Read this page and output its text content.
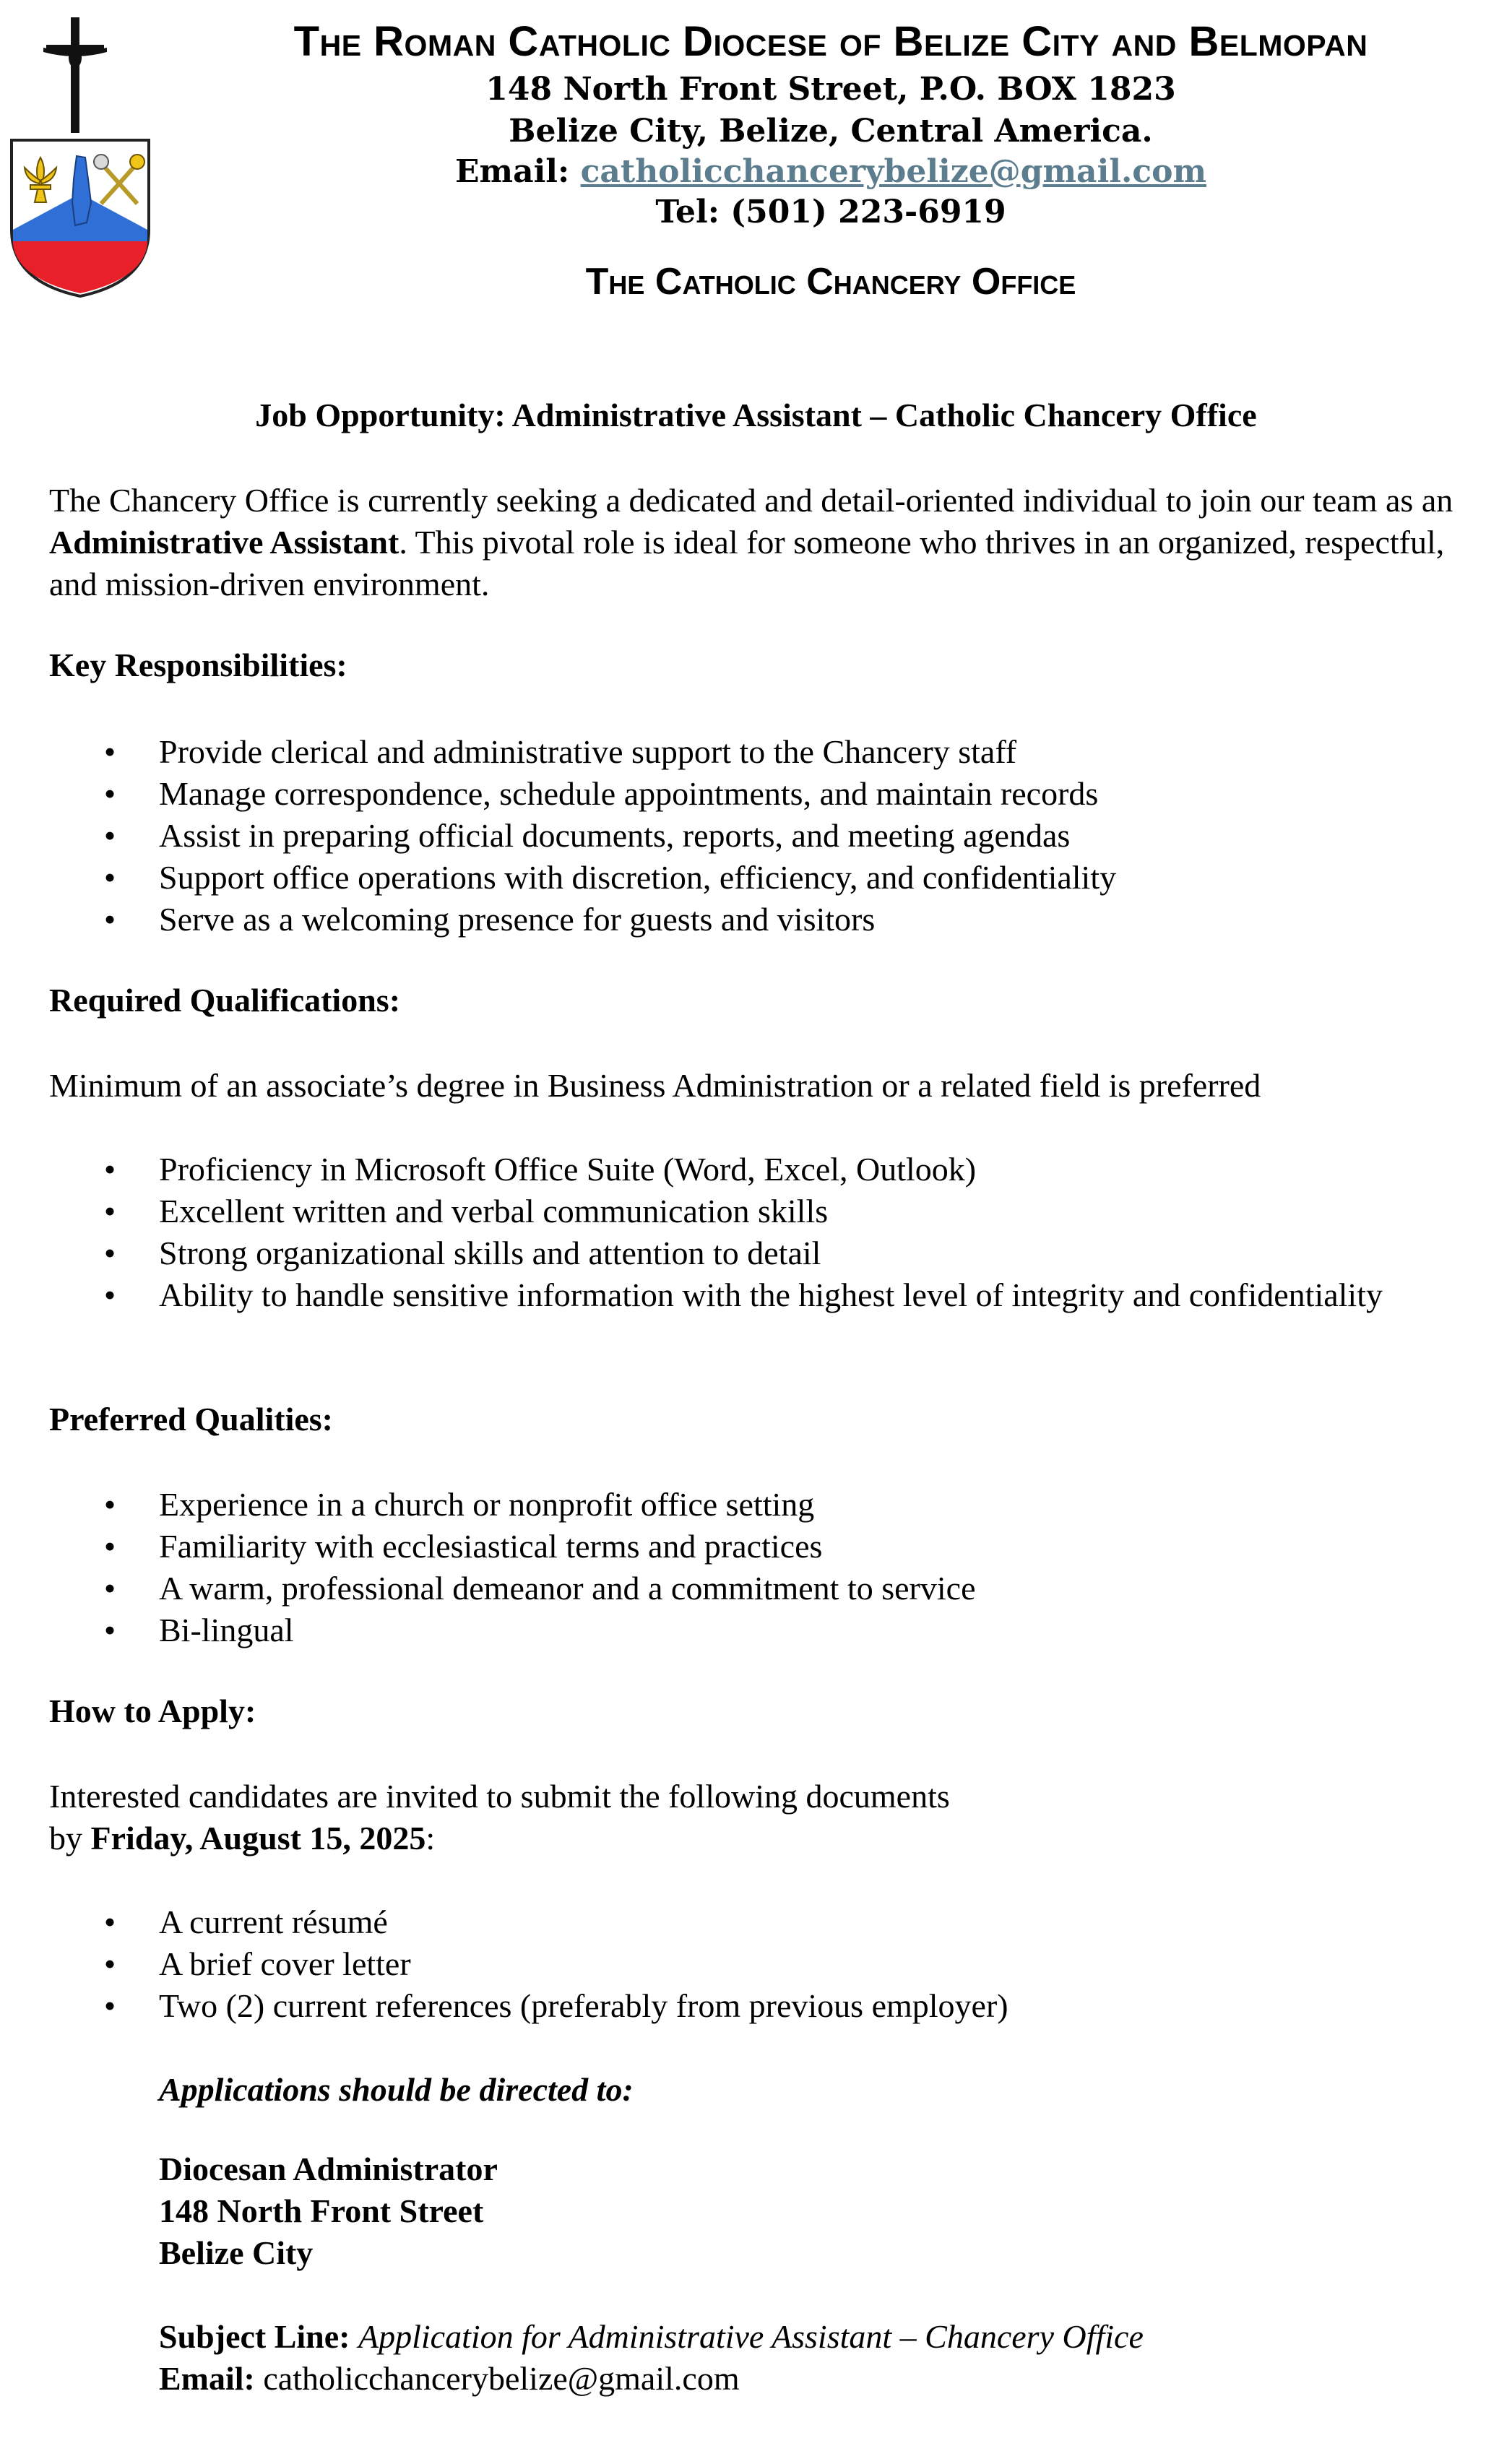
The Roman Catholic Diocese of Belize City and Belmopan
148 North Front Street, P.O. BOX 1823
Belize City, Belize, Central America.
Email: catholicchancerybelize@gmail.com
Tel: (501) 223-6919
The Catholic Chancery Office
Job Opportunity: Administrative Assistant – Catholic Chancery Office
The Chancery Office is currently seeking a dedicated and detail-oriented individual to join our team as an Administrative Assistant. This pivotal role is ideal for someone who thrives in an organized, respectful, and mission-driven environment.
Key Responsibilities:
• Provide clerical and administrative support to the Chancery staff
• Manage correspondence, schedule appointments, and maintain records
• Assist in preparing official documents, reports, and meeting agendas
• Support office operations with discretion, efficiency, and confidentiality
• Serve as a welcoming presence for guests and visitors
Required Qualifications:
Minimum of an associate’s degree in Business Administration or a related field is preferred
• Proficiency in Microsoft Office Suite (Word, Excel, Outlook)
• Excellent written and verbal communication skills
• Strong organizational skills and attention to detail
• Ability to handle sensitive information with the highest level of integrity and confidentiality
Preferred Qualities:
• Experience in a church or nonprofit office setting
• Familiarity with ecclesiastical terms and practices
• A warm, professional demeanor and a commitment to service
• Bi-lingual
How to Apply:
Interested candidates are invited to submit the following documents
by Friday, August 15, 2025:
• A current résumé
• A brief cover letter
• Two (2) current references (preferably from previous employer)
Applications should be directed to:
Diocesan Administrator
148 North Front Street
Belize City
Subject Line: Application for Administrative Assistant – Chancery Office
Email: catholicchancerybelize@gmail.com
